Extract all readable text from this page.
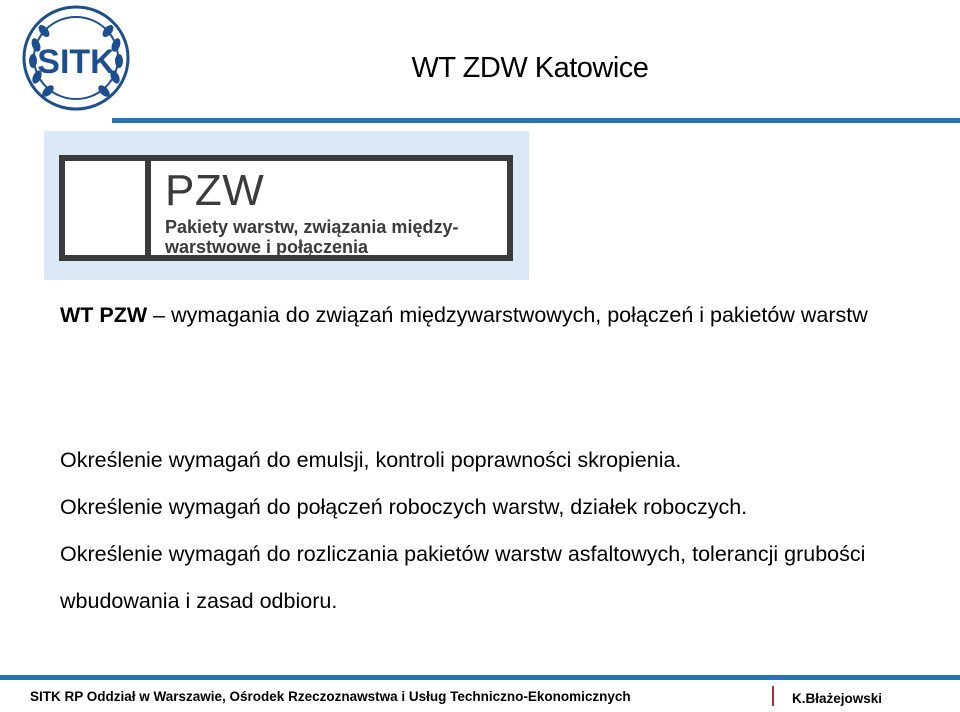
SITK	WT ZDW Katowice
PZW
Pakiety warstw, związania między-warstwowe i połączenia
WT PZW – wymagania do związań międzywarstwowych, połączeń i pakietów warstw
Określenie wymagań do emulsji, kontroli poprawności skropienia.
Określenie wymagań do połączeń roboczych warstw, działek roboczych.
Określenie wymagań do rozliczania pakietów warstw asfaltowych, tolerancji grubości wbudowania i zasad odbioru.
SITK RP Oddział w Warszawie, Ośrodek Rzeczoznawstwa i Usług Techniczno-Ekonomicznych	K.Błażejowski
